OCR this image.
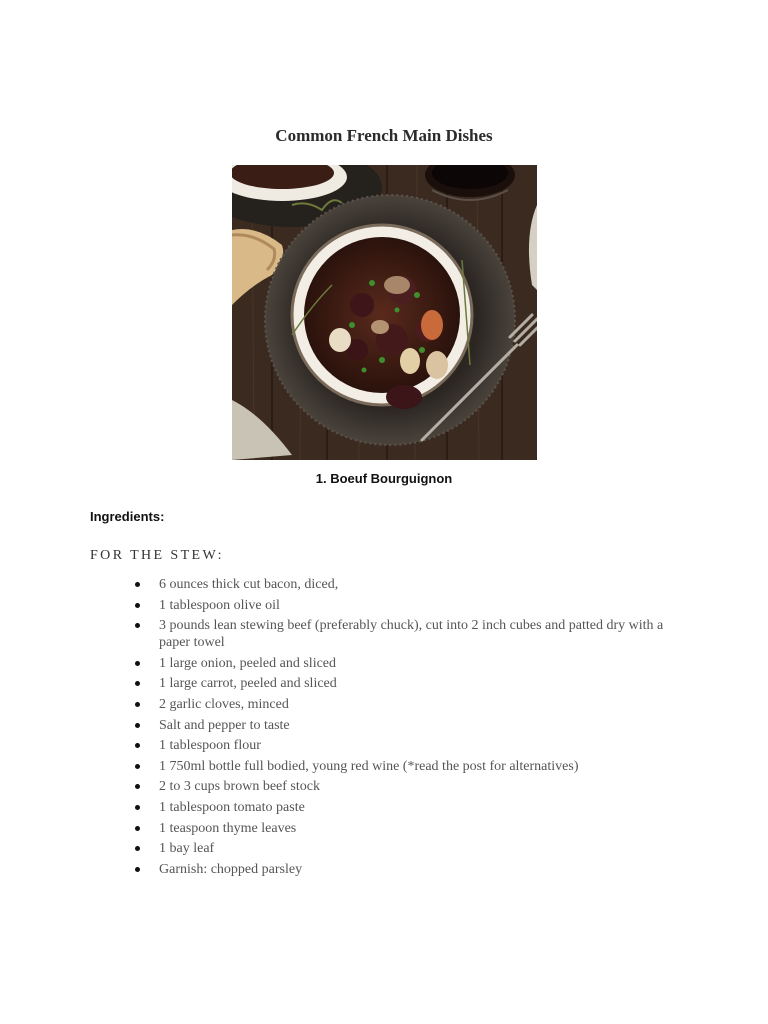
Common French Main Dishes
1. Boeuf Bourguignon
Ingredients:
FOR THE STEW:
6 ounces thick cut bacon, diced,
1 tablespoon olive oil
3 pounds lean stewing beef (preferably chuck), cut into 2 inch cubes and patted dry with a paper towel
1 large onion, peeled and sliced
1 large carrot, peeled and sliced
2 garlic cloves, minced
Salt and pepper to taste
1 tablespoon flour
1 750ml bottle full bodied, young red wine (*read the post for alternatives)
2 to 3 cups brown beef stock
1 tablespoon tomato paste
1 teaspoon thyme leaves
1 bay leaf
Garnish: chopped parsley
